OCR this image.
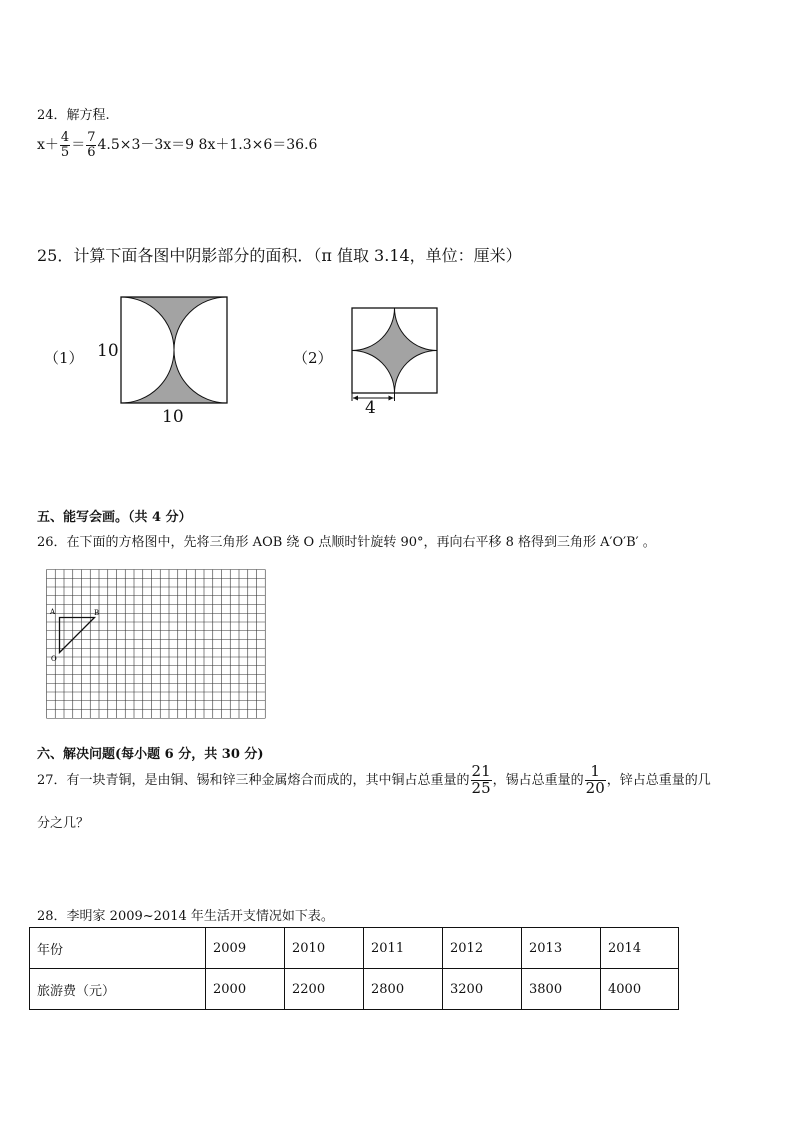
24．解方程.
$x+ \frac{4}{5} = \frac{7}{6} 4.5\times 3-3x=9$ 8x＋1.3×6＝36.6
25．计算下面各图中阴影部分的面积．（π 值取 3.14，单位：厘米）
（1） 10
10
（2）
4
五、能写会画。（共 4 分）
26．在下面的方格图中，先将三角形 AOB 绕 O 点顺时针旋转 90°，再向右平移 8 格得到三角形 A′O′B′ 。
A	B
O
六、解决问题(每小题 6 分，共 30 分)
27．有一块青铜，是由铜、锡和锌三种金属熔合而成的，其中铜占总重量的 $\frac{21}{25}$ ，锡占总重量的 $\frac{1}{20}$ ，锌占总重量的几
分之几？
28．李明家 2009~2014 年生活开支情况如下表。
年份	2009	2010	2011	2012	2013	2014
旅游费（元）	2000	2200	2800	3200	3800	4000
